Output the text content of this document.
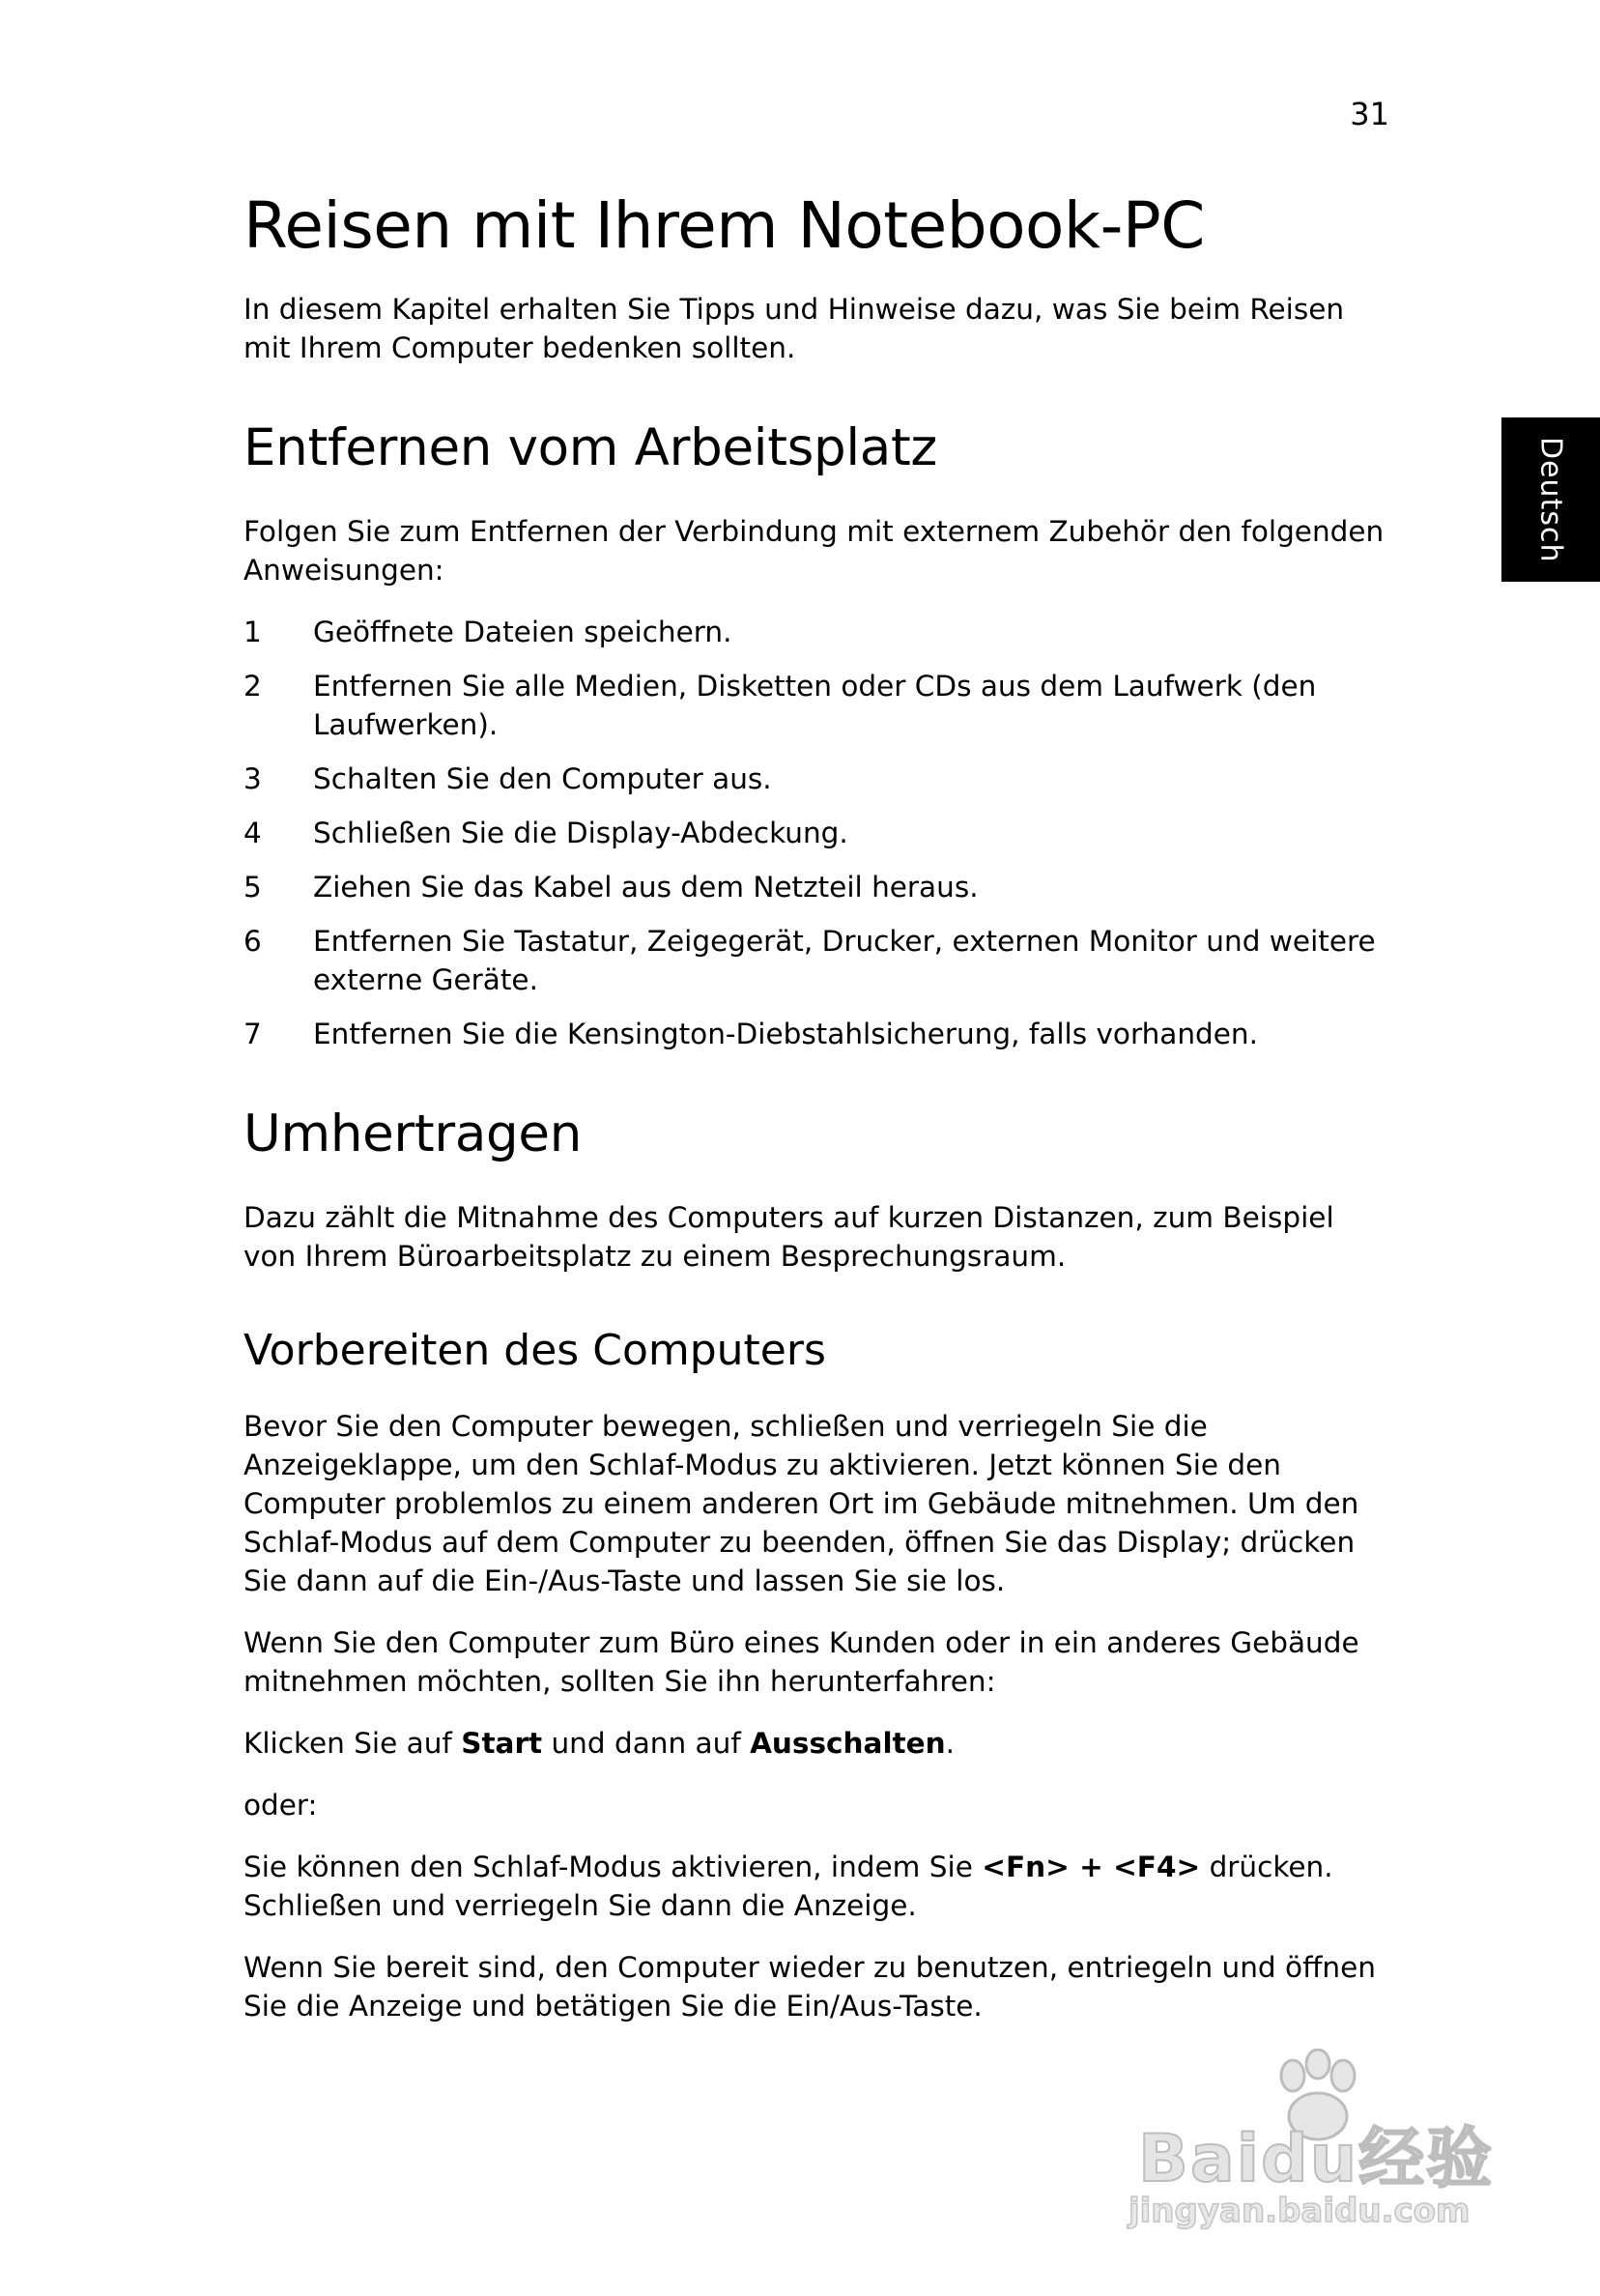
31
Deutsch
Reisen mit Ihrem Notebook-PC

In diesem Kapitel erhalten Sie Tipps und Hinweise dazu, was Sie beim Reisen mit Ihrem Computer bedenken sollten.

Entfernen vom Arbeitsplatz

Folgen Sie zum Entfernen der Verbindung mit externem Zubehör den folgenden Anweisungen:

1	Geöffnete Dateien speichern.
2	Entfernen Sie alle Medien, Disketten oder CDs aus dem Laufwerk (den Laufwerken).
3	Schalten Sie den Computer aus.
4	Schließen Sie die Display-Abdeckung.
5	Ziehen Sie das Kabel aus dem Netzteil heraus.
6	Entfernen Sie Tastatur, Zeigegerät, Drucker, externen Monitor und weitere externe Geräte.
7	Entfernen Sie die Kensington-Diebstahlsicherung, falls vorhanden.
Umhertragen

Dazu zählt die Mitnahme des Computers auf kurzen Distanzen, zum Beispiel von Ihrem Büroarbeitsplatz zu einem Besprechungsraum.

Vorbereiten des Computers

Bevor Sie den Computer bewegen, schließen und verriegeln Sie die Anzeigeklappe, um den Schlaf-Modus zu aktivieren. Jetzt können Sie den Computer problemlos zu einem anderen Ort im Gebäude mitnehmen. Um den Schlaf-Modus auf dem Computer zu beenden, öffnen Sie das Display; drücken Sie dann auf die Ein-/Aus-Taste und lassen Sie sie los.

Wenn Sie den Computer zum Büro eines Kunden oder in ein anderes Gebäude mitnehmen möchten, sollten Sie ihn herunterfahren:

Klicken Sie auf Start und dann auf Ausschalten.

oder:

Sie können den Schlaf-Modus aktivieren, indem Sie <Fn> + <F4> drücken. Schließen und verriegeln Sie dann die Anzeige.

Wenn Sie bereit sind, den Computer wieder zu benutzen, entriegeln und öffnen Sie die Anzeige und betätigen Sie die Ein/Aus-Taste.

Baidu经验
jingyan.baidu.com
